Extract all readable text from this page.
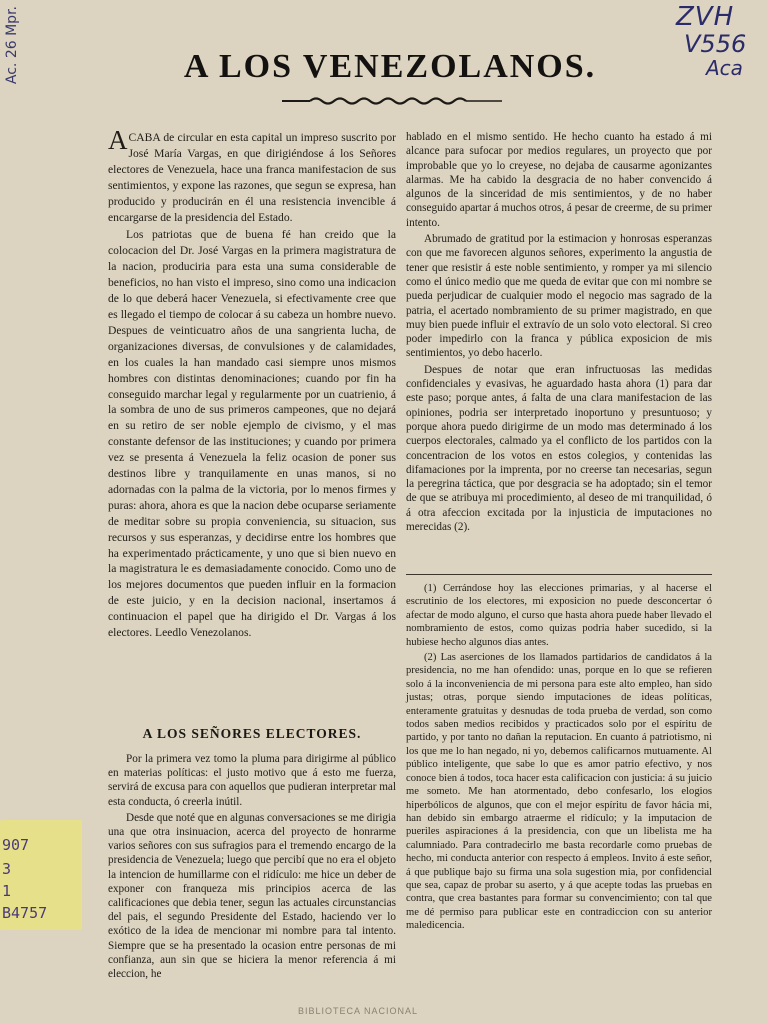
Ac. 26 Mpr.	ZVH
V556
Aca
A LOS VENEZOLANOS.

ACABA de circular en esta capital un impreso suscrito por José María Vargas, en que dirigiéndose á los Señores electores de Venezuela, hace una franca manifestacion de sus sentimientos, y expone las razones, que segun se expresa, han producido y producirán en él una resistencia invencible á encargarse de la presidencia del Estado.

Los patriotas que de buena fé han creido que la colocacion del Dr. José Vargas en la primera magistratura de la nacion, produciria para esta una suma considerable de beneficios, no han visto el impreso, sino como una indicacion de lo que deberá hacer Venezuela, si efectivamente cree que es llegado el tiempo de colocar á su cabeza un hombre nuevo. Despues de veinticuatro años de una sangrienta lucha, de organizaciones diversas, de convulsiones y de calamidades, en los cuales la han mandado casi siempre unos mismos hombres con distintas denominaciones; cuando por fin ha conseguido marchar legal y regularmente por un cuatrienio, á la sombra de uno de sus primeros campeones, que no dejará en su retiro de ser noble ejemplo de civismo, y el mas constante defensor de las instituciones; y cuando por primera vez se presenta á Venezuela la feliz ocasion de poner sus destinos libre y tranquilamente en unas manos, si no adornadas con la palma de la victoria, por lo menos firmes y puras: ahora, ahora es que la nacion debe ocuparse seriamente de meditar sobre su propia conveniencia, su situacion, sus recursos y sus esperanzas, y decidirse entre los hombres que ha experimentado prácticamente, y uno que si bien nuevo en la magistratura le es demasiadamente conocido. Como uno de los mejores documentos que pueden influir en la formacion de este juicio, y en la decision nacional, insertamos á continuacion el papel que ha dirigido el Dr. Vargas á los electores. Leedlo Venezolanos.

A LOS SEÑORES ELECTORES.

Por la primera vez tomo la pluma para dirigirme al público en materias políticas: el justo motivo que á esto me fuerza, servirá de excusa para con aquellos que pudieran interpretar mal esta conducta, ó creerla inútil.

Desde que noté que en algunas conversaciones se me dirigia una que otra insinuacion, acerca del proyecto de honrarme varios señores con sus sufragios para el tremendo encargo de la presidencia de Venezuela; luego que percibí que no era el objeto la intencion de humillarme con el ridículo: me hice un deber de exponer con franqueza mis principios acerca de las calificaciones que debia tener, segun las actuales circunstancias del pais, el segundo Presidente del Estado, haciendo ver lo exótico de la idea de mencionar mi nombre para tal intento. Siempre que se ha presentado la ocasion entre personas de mi confianza, aun sin que se hiciera la menor referencia á mi eleccion, he

hablado en el mismo sentido. He hecho cuanto ha estado á mi alcance para sufocar por medios regulares, un proyecto que por improbable que yo lo creyese, no dejaba de causarme agonizantes alarmas. Me ha cabido la desgracia de no haber convencido á algunos de la sinceridad de mis sentimientos, y de no haber conseguido apartar á muchos otros, á pesar de creerme, de su primer intento.

Abrumado de gratitud por la estimacion y honrosas esperanzas con que me favorecen algunos señores, experimento la angustia de tener que resistir á este noble sentimiento, y romper ya mi silencio como el único medio que me queda de evitar que con mi nombre se pueda perjudicar de cualquier modo el negocio mas sagrado de la patria, el acertado nombramiento de su primer magistrado, en que muy bien puede influir el extravío de un solo voto electoral. Si creo poder impedirlo con la franca y pública exposicion de mis sentimientos, yo debo hacerlo.

Despues de notar que eran infructuosas las medidas confidenciales y evasivas, he aguardado hasta ahora (1) para dar este paso; porque antes, á falta de una clara manifestacion de las opiniones, podria ser interpretado inoportuno y presuntuoso; y porque ahora puedo dirigirme de un modo mas determinado á los cuerpos electorales, calmado ya el conflicto de los partidos con la concentracion de los votos en estos colegios, y contenidas las difamaciones por la imprenta, por no creerse tan necesarias, segun la peregrina táctica, que por desgracia se ha adoptado; sin el temor de que se atribuya mi procedimiento, al deseo de mi tranquilidad, ó á otra afeccion excitada por la injusticia de imputaciones no merecidas (2).

(1) Cerrándose hoy las elecciones primarias, y al hacerse el escrutinio de los electores, mi exposicion no puede desconcertar ó afectar de modo alguno, el curso que hasta ahora puede haber llevado el nombramiento de estos, como quizas podria haber sucedido, si la hubiese hecho algunos dias antes.

(2) Las aserciones de los llamados partidarios de candidatos á la presidencia, no me han ofendido: unas, porque en lo que se refieren solo á la inconveniencia de mi persona para este alto empleo, han sido justas; otras, porque siendo imputaciones de ideas políticas, enteramente gratuitas y desnudas de toda prueba de verdad, son como todos saben medios recibidos y practicados solo por el espíritu de partido, y por tanto no dañan la reputacion. En cuanto á patriotismo, ni los que me lo han negado, ni yo, debemos calificarnos mutuamente. Al público inteligente, que sabe lo que es amor patrio efectivo, y nos conoce bien á todos, toca hacer esta calificacion con justicia: á su juicio me someto. Me han atormentado, debo confesarlo, los elogios hiperbólicos de algunos, que con el mejor espíritu de favor hácia mi, han debido sin embargo atraerme el ridículo; y la imputacion de pueriles aspiraciones á la presidencia, con que un libelista me ha calumniado. Para contradecirlo me basta recordarle como pruebas de hecho, mi conducta anterior con respecto á empleos. Invito á este señor, á que publique bajo su firma una sola sugestion mia, por confidencial que sea, capaz de probar su aserto, y á que acepte todas las pruebas en contra, que crea bastantes para formar su convencimiento; con tal que me dé permiso para publicar este en contradiccion con su anterior maledicencia.

907
3
1
B4757
BIBLIOTECA NACIONAL
